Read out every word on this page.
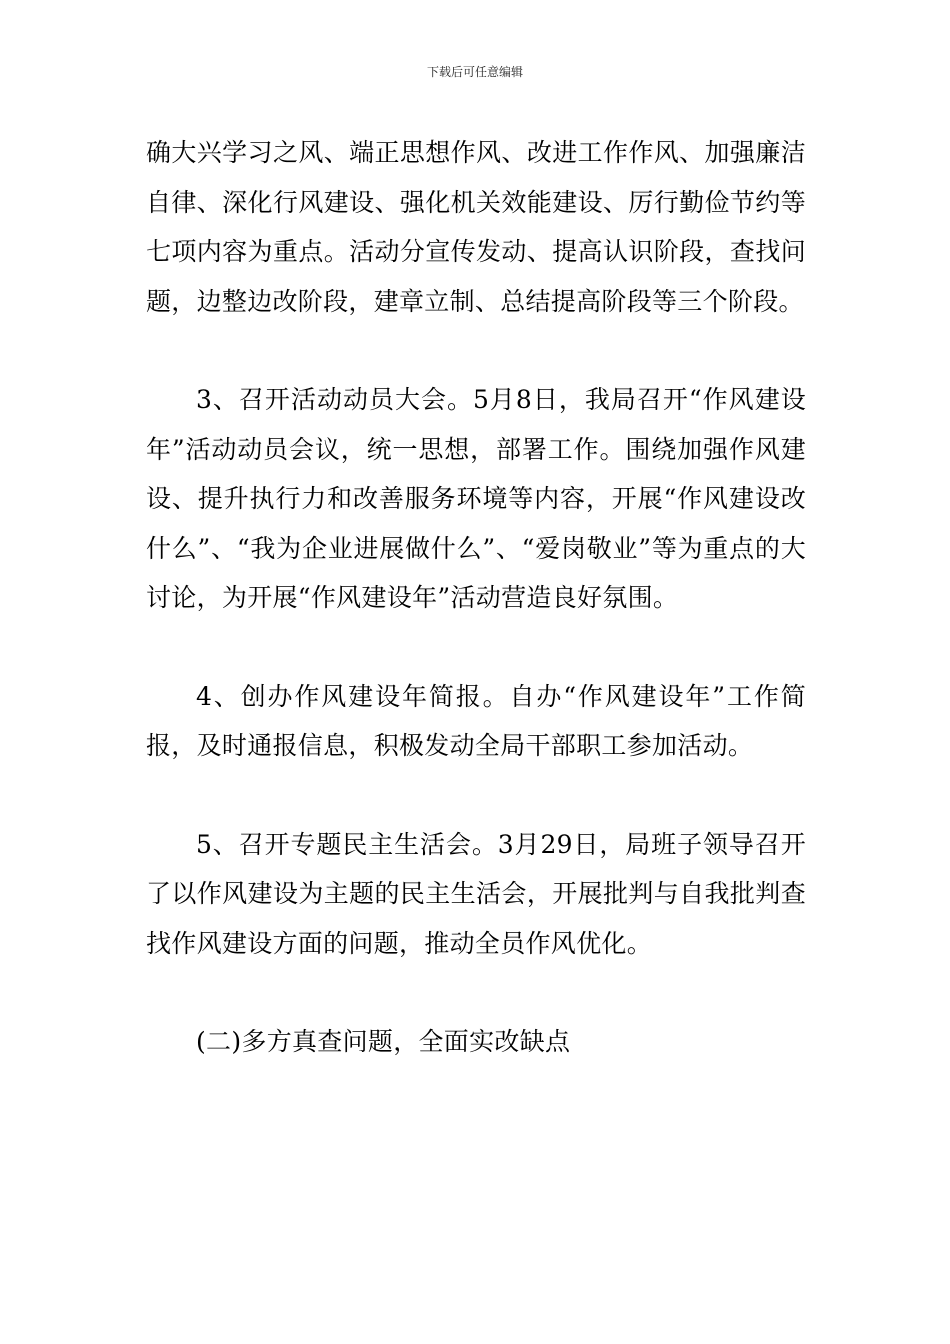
下载后可任意编辑

确大兴学习之风、端正思想作风、改进工作作风、加强廉洁自律、深化行风建设、强化机关效能建设、厉行勤俭节约等七项内容为重点。活动分宣传发动、提高认识阶段，查找问题，边整边改阶段，建章立制、总结提高阶段等三个阶段。

3、召开活动动员大会。5月8日，我局召开“作风建设年”活动动员会议，统一思想，部署工作。围绕加强作风建设、提升执行力和改善服务环境等内容，开展“作风建设改什么”、“我为企业进展做什么”、“爱岗敬业”等为重点的大讨论，为开展“作风建设年”活动营造良好氛围。

4、创办作风建设年简报。自办“作风建设年”工作简报，及时通报信息，积极发动全局干部职工参加活动。

5、召开专题民主生活会。3月29日，局班子领导召开了以作风建设为主题的民主生活会，开展批判与自我批判查找作风建设方面的问题，推动全员作风优化。

(二)多方真查问题，全面实改缺点
